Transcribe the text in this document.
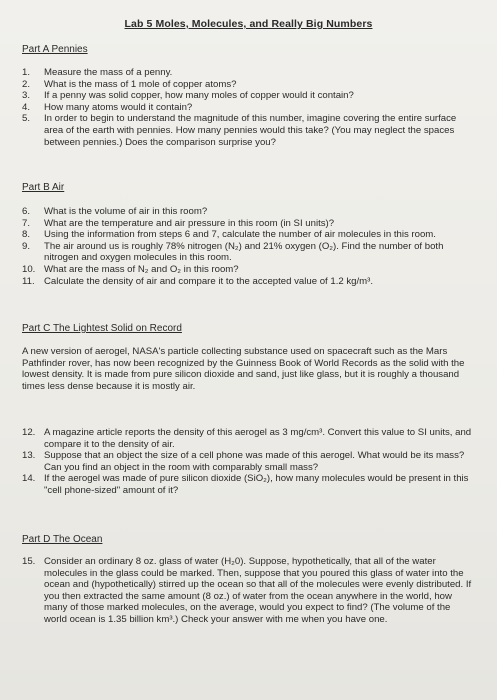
Lab 5 Moles, Molecules, and Really Big Numbers
Part A Pennies
1.	Measure the mass of a penny.
2.	What is the mass of 1 mole of copper atoms?
3.	If a penny was solid copper, how many moles of copper would it contain?
4.	How many atoms would it contain?
5.	In order to begin to understand the magnitude of this number, imagine covering the entire surface area of the earth with pennies. How many pennies would this take? (You may neglect the spaces between pennies.) Does the comparison surprise you?
Part B Air
6.	What is the volume of air in this room?
7.	What are the temperature and air pressure in this room (in SI units)?
8.	Using the information from steps 6 and 7, calculate the number of air molecules in this room.
9.	The air around us is roughly 78% nitrogen (N₂) and 21% oxygen (O₂). Find the number of both nitrogen and oxygen molecules in this room.
10. What are the mass of N₂ and O₂ in this room?
11. Calculate the density of air and compare it to the accepted value of 1.2 kg/m³.
Part C The Lightest Solid on Record

A new version of aerogel, NASA's particle collecting substance used on spacecraft such as the Mars Pathfinder rover, has now been recognized by the Guinness Book of World Records as the solid with the lowest density. It is made from pure silicon dioxide and sand, just like glass, but it is roughly a thousand times less dense because it is mostly air.

12. A magazine article reports the density of this aerogel as 3 mg/cm³. Convert this value to SI units, and compare it to the density of air.
13. Suppose that an object the size of a cell phone was made of this aerogel. What would be its mass? Can you find an object in the room with comparably small mass?
14. If the aerogel was made of pure silicon dioxide (SiO₂), how many molecules would be present in this "cell phone-sized" amount of it?
Part D The Ocean
15. Consider an ordinary 8 oz. glass of water (H₂0). Suppose, hypothetically, that all of the water molecules in the glass could be marked. Then, suppose that you poured this glass of water into the ocean and (hypothetically) stirred up the ocean so that all of the molecules were evenly distributed. If you then extracted the same amount (8 oz.) of water from the ocean anywhere in the world, how many of those marked molecules, on the average, would you expect to find? (The volume of the world ocean is 1.35 billion km³.) Check your answer with me when you have one.
